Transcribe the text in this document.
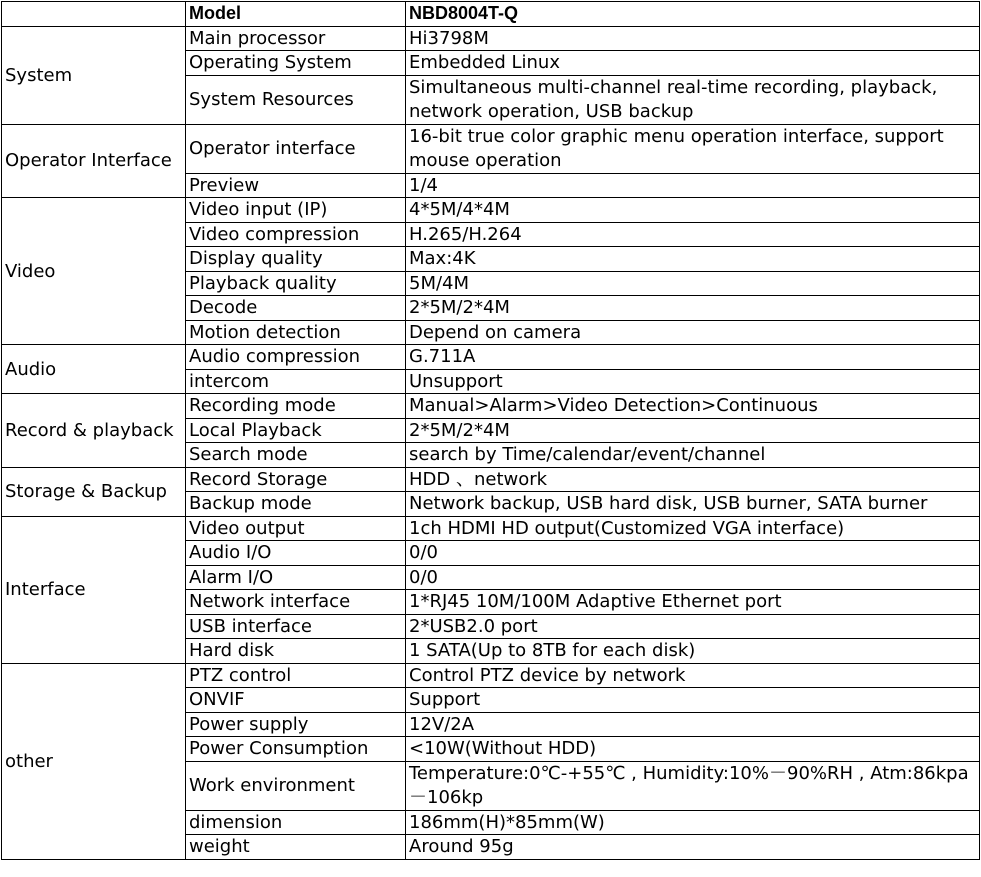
	Model	NBD8004T-Q
System	Main processor	Hi3798M
	Operating System	Embedded Linux
	System Resources	Simultaneous multi-channel real-time recording, playback, network operation, USB backup
Operator Interface	Operator interface	16-bit true color graphic menu operation interface, support mouse operation
	Preview	1/4
Video	Video input (IP)	4*5M/4*4M
	Video compression	H.265/H.264
	Display quality	Max:4K
	Playback quality	5M/4M
	Decode	2*5M/2*4M
	Motion detection	Depend on camera
Audio	Audio compression	G.711A
	intercom	Unsupport
Record & playback	Recording mode	Manual>Alarm>Video Detection>Continuous
	Local Playback	2*5M/2*4M
	Search mode	search by Time/calendar/event/channel
Storage & Backup	Record Storage	HDD 、network
	Backup mode	Network backup, USB hard disk, USB burner, SATA burner
Interface	Video output	1ch HDMI HD output(Customized VGA interface)
	Audio I/O	0/0
	Alarm I/O	0/0
	Network interface	1*RJ45 10M/100M Adaptive Ethernet port
	USB interface	2*USB2.0 port
	Hard disk	1 SATA(Up to 8TB for each disk)
other	PTZ control	Control PTZ device by network
	ONVIF	Support
	Power supply	12V/2A
	Power Consumption	<10W(Without HDD)
	Work environment	Temperature:0℃-+55℃ , Humidity:10%－90%RH , Atm:86kpa－106kp
	dimension	186mm(H)*85mm(W)
	weight	Around 95g
